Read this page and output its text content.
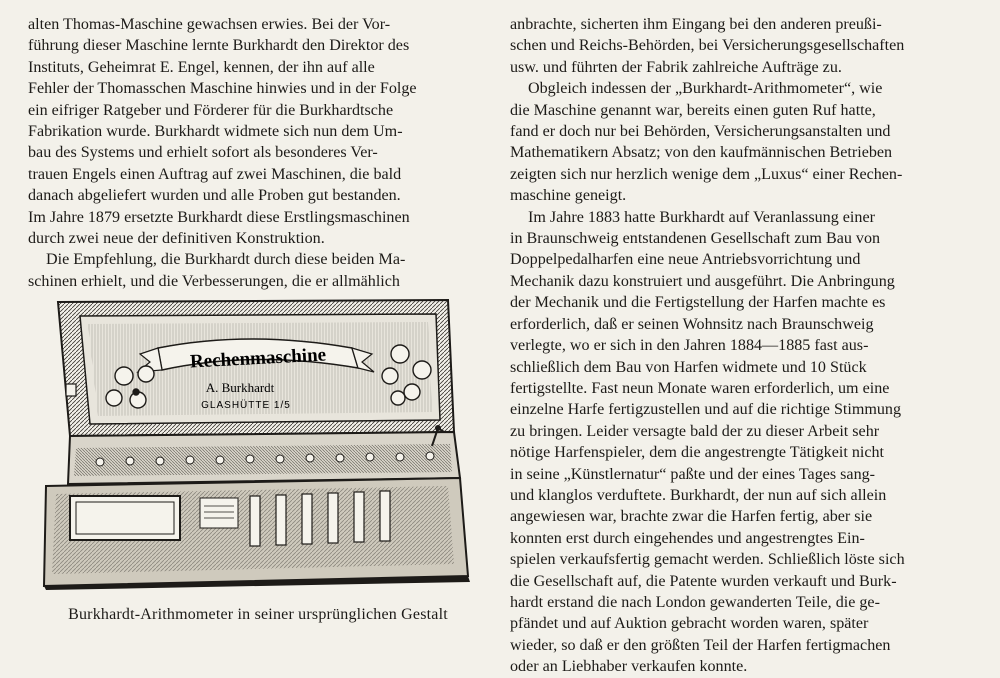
alten Thomas-Maschine gewachsen erwies. Bei der Vor-
führung dieser Maschine lernte Burkhardt den Direktor des
Instituts, Geheimrat E. Engel, kennen, der ihn auf alle
Fehler der Thomasschen Maschine hinwies und in der Folge
ein eifriger Ratgeber und Förderer für die Burkhardtsche
Fabrikation wurde. Burkhardt widmete sich nun dem Um-
bau des Systems und erhielt sofort als besonderes Ver-
trauen Engels einen Auftrag auf zwei Maschinen, die bald
danach abgeliefert wurden und alle Proben gut bestanden.
Im Jahre 1879 ersetzte Burkhardt diese Erstlingsmaschinen
durch zwei neue der definitiven Konstruktion.
Die Empfehlung, die Burkhardt durch diese beiden Ma-
schinen erhielt, und die Verbesserungen, die er allmählich
Rechenmaschine
A. Burkhardt
GLASHÜTTE 1/5
Burkhardt-Arithmometer in seiner ursprünglichen Gestalt
anbrachte, sicherten ihm Eingang bei den anderen preußi-
schen und Reichs-Behörden, bei Versicherungsgesellschaften
usw. und führten der Fabrik zahlreiche Aufträge zu.
Obgleich indessen der „Burkhardt-Arithmometer“, wie
die Maschine genannt war, bereits einen guten Ruf hatte,
fand er doch nur bei Behörden, Versicherungsanstalten und
Mathematikern Absatz; von den kaufmännischen Betrieben
zeigten sich nur herzlich wenige dem „Luxus“ einer Rechen-
maschine geneigt.
Im Jahre 1883 hatte Burkhardt auf Veranlassung einer
in Braunschweig entstandenen Gesellschaft zum Bau von
Doppelpedalharfen eine neue Antriebsvorrichtung und
Mechanik dazu konstruiert und ausgeführt. Die Anbringung
der Mechanik und die Fertigstellung der Harfen machte es
erforderlich, daß er seinen Wohnsitz nach Braunschweig
verlegte, wo er sich in den Jahren 1884—1885 fast aus-
schließlich dem Bau von Harfen widmete und 10 Stück
fertigstellte. Fast neun Monate waren erforderlich, um eine
einzelne Harfe fertigzustellen und auf die richtige Stimmung
zu bringen. Leider versagte bald der zu dieser Arbeit sehr
nötige Harfenspieler, dem die angestrengte Tätigkeit nicht
in seine „Künstlernatur“ paßte und der eines Tages sang-
und klanglos verduftete. Burkhardt, der nun auf sich allein
angewiesen war, brachte zwar die Harfen fertig, aber sie
konnten erst durch eingehendes und angestrengtes Ein-
spielen verkaufsfertig gemacht werden. Schließlich löste sich
die Gesellschaft auf, die Patente wurden verkauft und Burk-
hardt erstand die nach London gewanderten Teile, die ge-
pfändet und auf Auktion gebracht worden waren, später
wieder, so daß er den größten Teil der Harfen fertigmachen
oder an Liebhaber verkaufen konnte.
